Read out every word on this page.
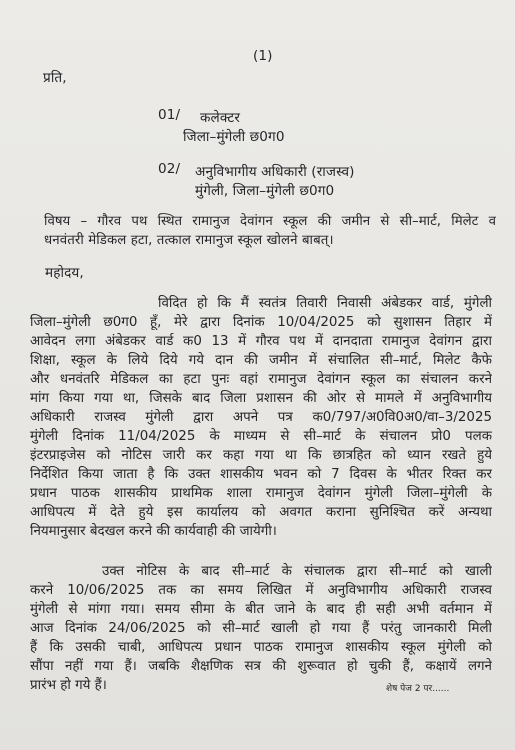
(1)
प्रति,
01/ कलेक्टर
जिला–मुंगेली छ0ग0
02/ अनुविभागीय अधिकारी (राजस्व)
मुंगेली, जिला–मुंगेली छ0ग0
विषय – गौरव पथ स्थित रामानुज देवांगन स्कूल की जमीन से सी–मार्ट, मिलेट व
धनवंतरी मेडिकल हटा, तत्काल रामानुज स्कूल खोलने बाबत्।
महोदय,
विदित हो कि मैं स्वतंत्र तिवारी निवासी अंबेडकर वार्ड, मुंगेली
जिला–मुंगेली छ0ग0 हूँ, मेरे द्वारा दिनांक 10/04/2025 को सुशासन तिहार में
आवेदन लगा अंबेडकर वार्ड क0 13 में गौरव पथ में दानदाता रामानुज देवांगन द्वारा
शिक्षा, स्कूल के लिये दिये गये दान की जमीन में संचालित सी–मार्ट, मिलेट कैफे
और धनवंतरि मेडिकल का हटा पुनः वहां रामानुज देवांगन स्कूल का संचालन करने
मांग किया गया था, जिसके बाद जिला प्रशासन की ओर से मामले में अनुविभागीय
अधिकारी राजस्व मुंगेली द्वारा अपने पत्र क0/797/अ0वि0अ0/वा–3/2025
मुंगेली दिनांक 11/04/2025 के माध्यम से सी–मार्ट के संचालन प्रो0 पलक
इंटरप्राइजेस को नोटिस जारी कर कहा गया था कि छात्रहित को ध्यान रखते हुये
निर्देशित किया जाता है कि उक्त शासकीय भवन को 7 दिवस के भीतर रिक्त कर
प्रधान पाठक शासकीय प्राथमिक शाला रामानुज देवांगन मुंगेली जिला–मुंगेली के
आधिपत्य में देते हुये इस कार्यालय को अवगत कराना सुनिश्चित करें अन्यथा
नियमानुसार बेदखल करने की कार्यवाही की जायेगी।
उक्त नोटिस के बाद सी–मार्ट के संचालक द्वारा सी–मार्ट को खाली
करने 10/06/2025 तक का समय लिखित में अनुविभागीय अधिकारी राजस्व
मुंगेली से मांगा गया। समय सीमा के बीत जाने के बाद ही सही अभी वर्तमान में
आज दिनांक 24/06/2025 को सी–मार्ट खाली हो गया हैं परंतु जानकारी मिली
हैं कि उसकी चाबी, आधिपत्य प्रधान पाठक रामानुज शासकीय स्कूल मुंगेली को
सौंपा नहीं गया हैं। जबकि शैक्षणिक सत्र की शुरूवात हो चुकी हैं, कक्षायें लगने
प्रारंभ हो गये हैं।	शेष पेज 2 पर......
